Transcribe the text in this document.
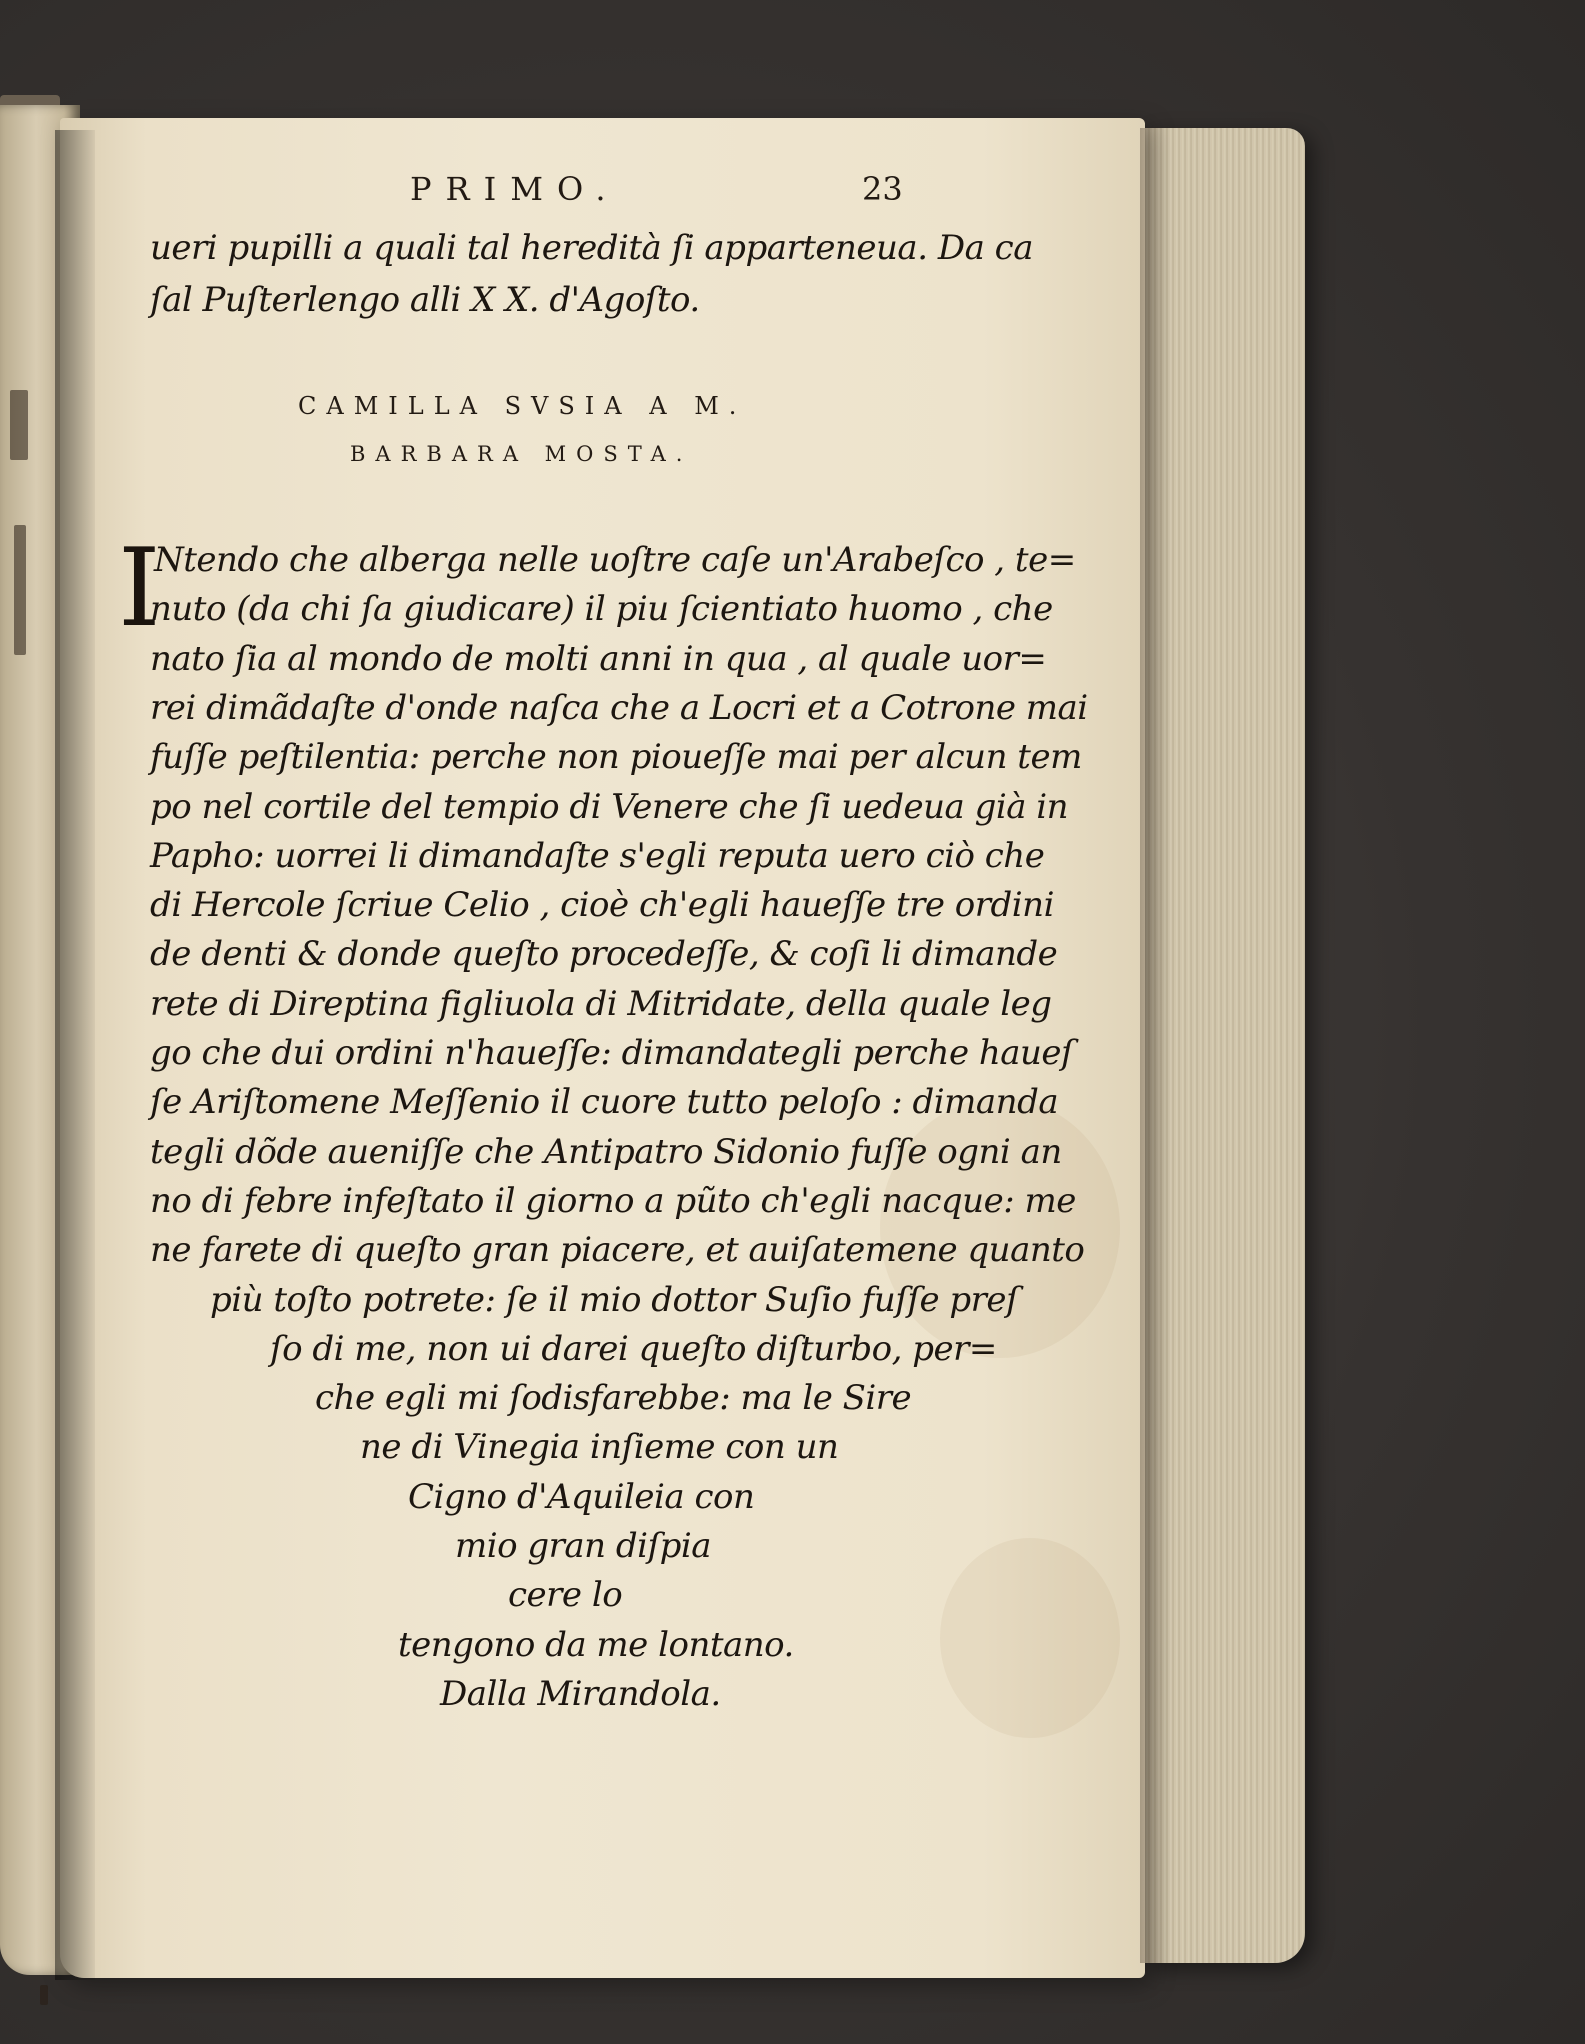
PRIMO.	23
ueri pupilli a quali tal heredità ſi apparteneua. Da ca
ſal Puſterlengo alli X X. d'Agoſto.
CAMILLA SVSIA A M.
BARBARA MOSTA.
I
Ntendo che alberga nelle uoſtre caſe un'Arabeſco , te=
nuto (da chi ſa giudicare) il piu ſcientiato huomo , che
nato ſia al mondo de molti anni in qua , al quale uor=
rei dimãdaſte d'onde naſca che a Locri et a Cotrone mai
fuſſe peſtilentia: perche non pioueſſe mai per alcun tem
po nel cortile del tempio di Venere che ſi uedeua già in
Papho: uorrei li dimandaſte s'egli reputa uero ciò che
di Hercole ſcriue Celio , cioè ch'egli haueſſe tre ordini
de denti & donde queſto procedeſſe, & coſi li dimande
rete di Direptina figliuola di Mitridate, della quale leg
go che dui ordini n'haueſſe: dimandategli perche haueſ
ſe Ariſtomene Meſſenio il cuore tutto peloſo : dimanda
tegli dõde aueniſſe che Antipatro Sidonio fuſſe ogni an
no di febre infeſtato il giorno a pũto ch'egli nacque: me
ne farete di queſto gran piacere, et auiſatemene quanto
più toſto potrete: ſe il mio dottor Suſio fuſſe preſ
ſo di me, non ui darei queſto diſturbo, per=
che egli mi ſodisfarebbe: ma le Sire
ne di Vinegia inſieme con un
Cigno d'Aquileia con
mio gran diſpia
cere lo
tengono da me lontano.
Dalla Mirandola.
